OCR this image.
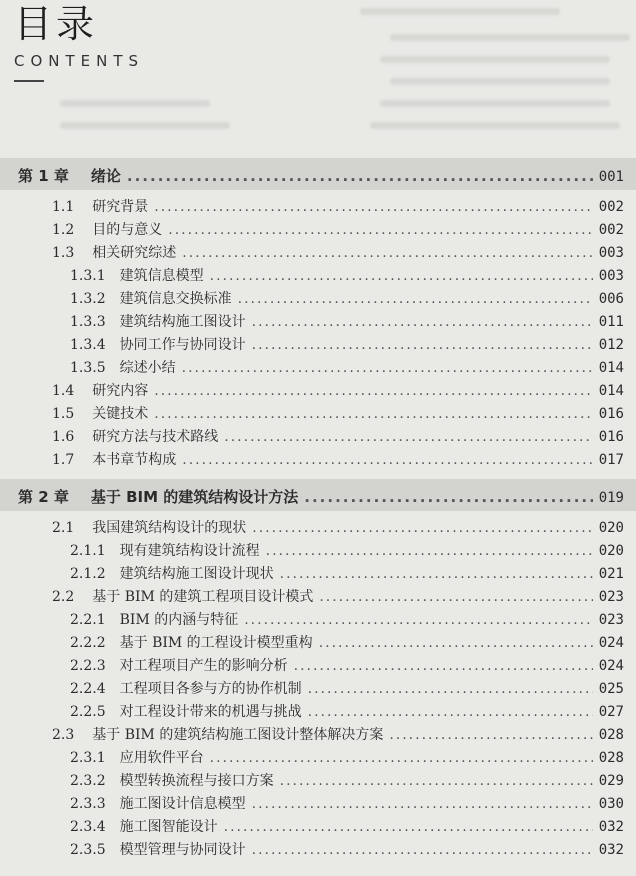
目录
CONTENTS
第 1 章 绪论 .....	001
1.1 研究背景 .....	002
1.2 目的与意义 .....	002
1.3 相关研究综述 .....	003
1.3.1 建筑信息模型 .....	003
1.3.2 建筑信息交换标准 .....	006
1.3.3 建筑结构施工图设计 .....	011
1.3.4 协同工作与协同设计 .....	012
1.3.5 综述小结 .....	014
1.4 研究内容 .....	014
1.5 关键技术 .....	016
1.6 研究方法与技术路线 .....	016
1.7 本书章节构成 .....	017
第 2 章 基于 BIM 的建筑结构设计方法 .....	019
2.1 我国建筑结构设计的现状 .....	020
2.1.1 现有建筑结构设计流程 .....	020
2.1.2 建筑结构施工图设计现状 .....	021
2.2 基于 BIM 的建筑工程项目设计模式 .....	023
2.2.1 BIM 的内涵与特征 .....	023
2.2.2 基于 BIM 的工程设计模型重构 .....	024
2.2.3 对工程项目产生的影响分析 .....	024
2.2.4 工程项目各参与方的协作机制 .....	025
2.2.5 对工程设计带来的机遇与挑战 .....	027
2.3 基于 BIM 的建筑结构施工图设计整体解决方案 .....	028
2.3.1 应用软件平台 .....	028
2.3.2 模型转换流程与接口方案 .....	029
2.3.3 施工图设计信息模型 .....	030
2.3.4 施工图智能设计 .....	032
2.3.5 模型管理与协同设计 .....	032
